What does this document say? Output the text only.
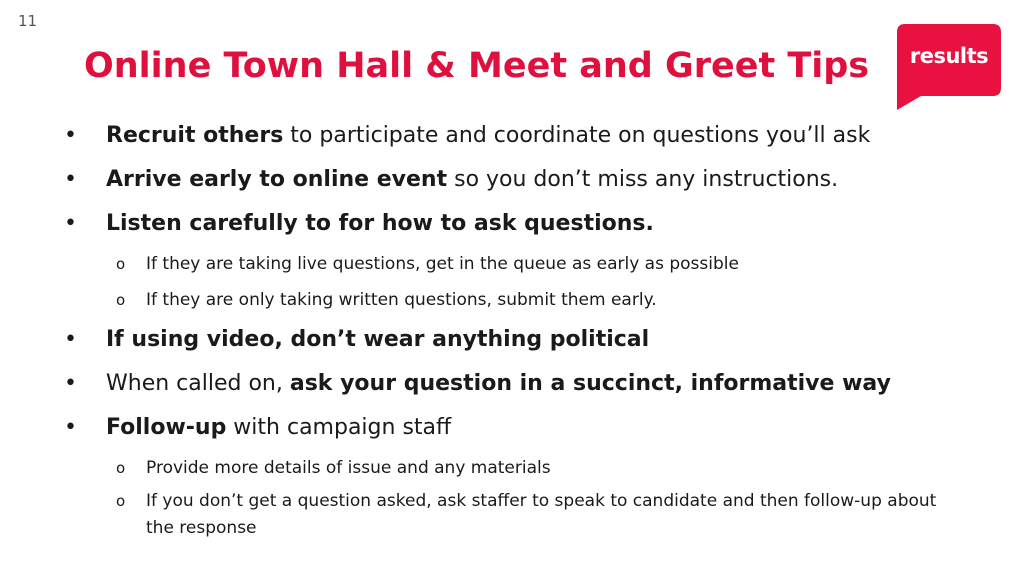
11
Online Town Hall & Meet and Greet Tips	results
•	Recruit others to participate and coordinate on questions you’ll ask
•	Arrive early to online event so you don’t miss any instructions.
•	Listen carefully to for how to ask questions.
o	If they are taking live questions, get in the queue as early as possible
o	If they are only taking written questions, submit them early.
•	If using video, don’t wear anything political
•	When called on, ask your question in a succinct, informative way
•	Follow-up with campaign staff
o	Provide more details of issue and any materials
o	If you don’t get a question asked, ask staffer to speak to candidate and then follow-up about the response
